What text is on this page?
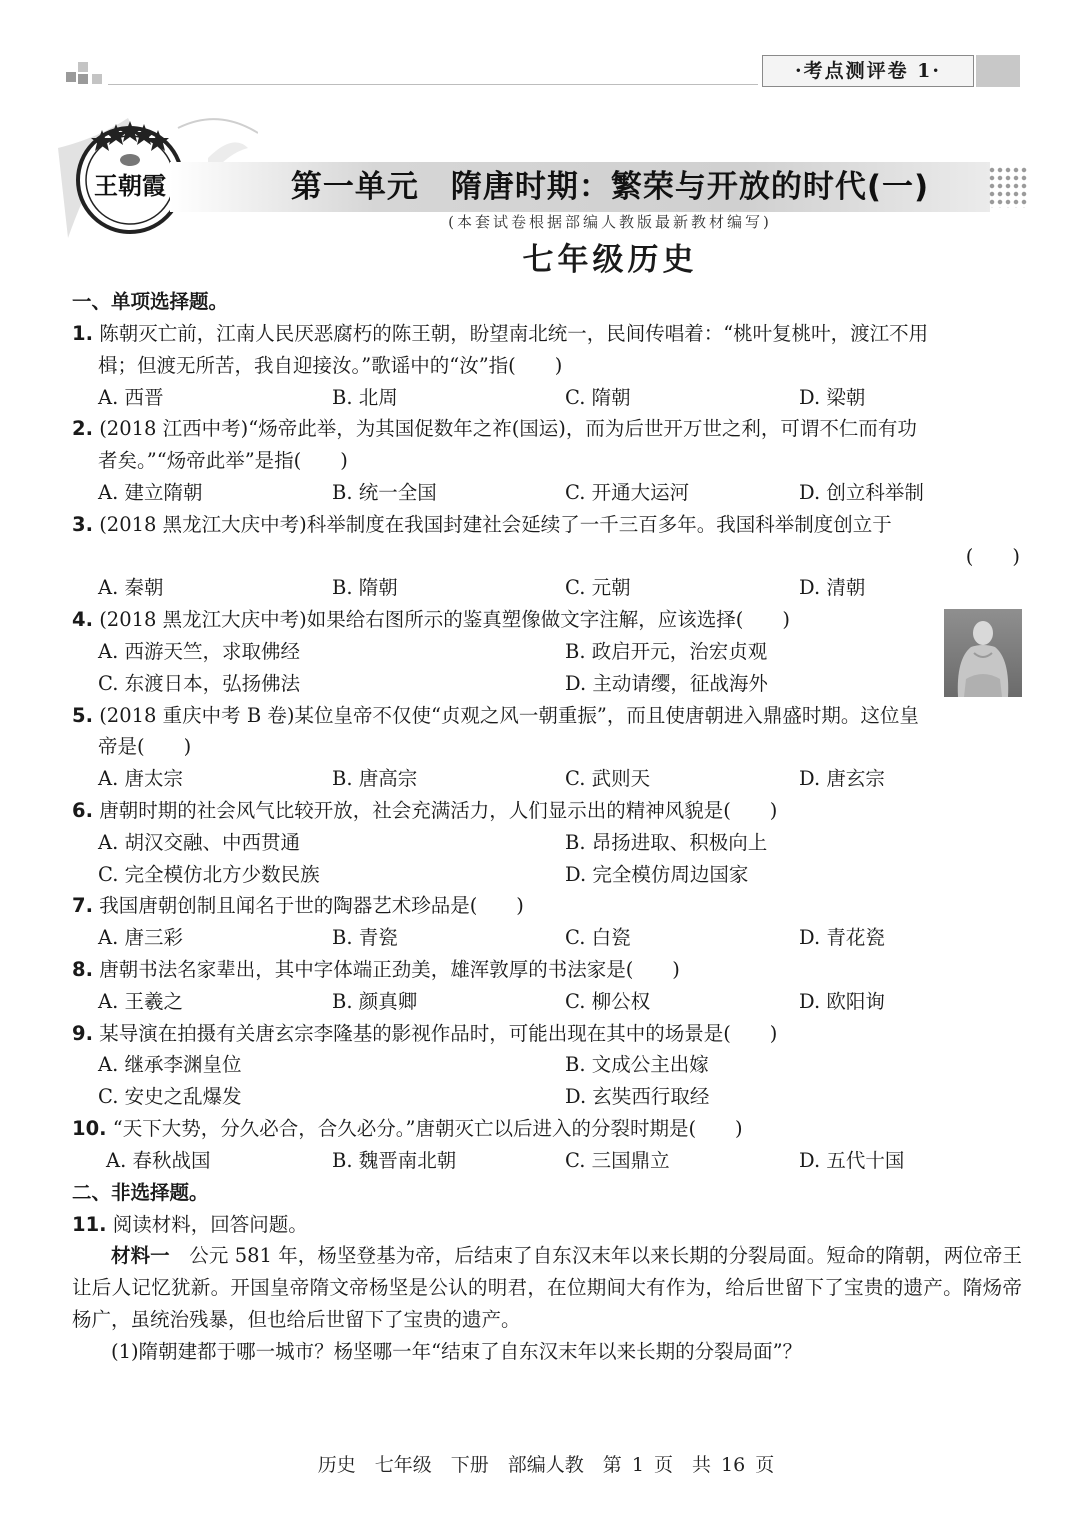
·考点测评卷 1·
王朝霞	第一单元　隋唐时期：繁荣与开放的时代(一)
(本套试卷根据部编人教版最新教材编写)
七年级历史
一、单项选择题。
1. 陈朝灭亡前，江南人民厌恶腐朽的陈王朝，盼望南北统一，民间传唱着：“桃叶复桃叶，渡江不用
楫；但渡无所苦，我自迎接汝。”歌谣中的“汝”指(　　)
A. 西晋	B. 北周	C. 隋朝	D. 梁朝
2. (2018 江西中考)“炀帝此举，为其国促数年之祚(国运)，而为后世开万世之利，可谓不仁而有功
者矣。”“炀帝此举”是指(　　)
A. 建立隋朝	B. 统一全国	C. 开通大运河	D. 创立科举制
3. (2018 黑龙江大庆中考)科举制度在我国封建社会延续了一千三百多年。我国科举制度创立于
(　　)
A. 秦朝	B. 隋朝	C. 元朝	D. 清朝
4. (2018 黑龙江大庆中考)如果给右图所示的鉴真塑像做文字注解，应该选择(　　)
A. 西游天竺，求取佛经	B. 政启开元，治宏贞观
C. 东渡日本，弘扬佛法	D. 主动请缨，征战海外
5. (2018 重庆中考 B 卷)某位皇帝不仅使“贞观之风一朝重振”，而且使唐朝进入鼎盛时期。这位皇
帝是(　　)
A. 唐太宗	B. 唐高宗	C. 武则天	D. 唐玄宗
6. 唐朝时期的社会风气比较开放，社会充满活力，人们显示出的精神风貌是(　　)
A. 胡汉交融、中西贯通	B. 昂扬进取、积极向上
C. 完全模仿北方少数民族	D. 完全模仿周边国家
7. 我国唐朝创制且闻名于世的陶器艺术珍品是(　　)
A. 唐三彩	B. 青瓷	C. 白瓷	D. 青花瓷
8. 唐朝书法名家辈出，其中字体端正劲美，雄浑敦厚的书法家是(　　)
A. 王羲之	B. 颜真卿	C. 柳公权	D. 欧阳询
9. 某导演在拍摄有关唐玄宗李隆基的影视作品时，可能出现在其中的场景是(　　)
A. 继承李渊皇位	B. 文成公主出嫁
C. 安史之乱爆发	D. 玄奘西行取经
10. “天下大势，分久必合，合久必分。”唐朝灭亡以后进入的分裂时期是(　　)
A. 春秋战国	B. 魏晋南北朝	C. 三国鼎立	D. 五代十国
二、非选择题。
11. 阅读材料，回答问题。
材料一　公元 581 年，杨坚登基为帝，后结束了自东汉末年以来长期的分裂局面。短命的隋朝，两位帝王让后人记忆犹新。开国皇帝隋文帝杨坚是公认的明君，在位期间大有作为，给后世留下了宝贵的遗产。隋炀帝杨广，虽统治残暴，但也给后世留下了宝贵的遗产。
(1)隋朝建都于哪一城市？杨坚哪一年“结束了自东汉末年以来长期的分裂局面”？
历史　七年级　下册　部编人教　第 1 页　共 16 页
